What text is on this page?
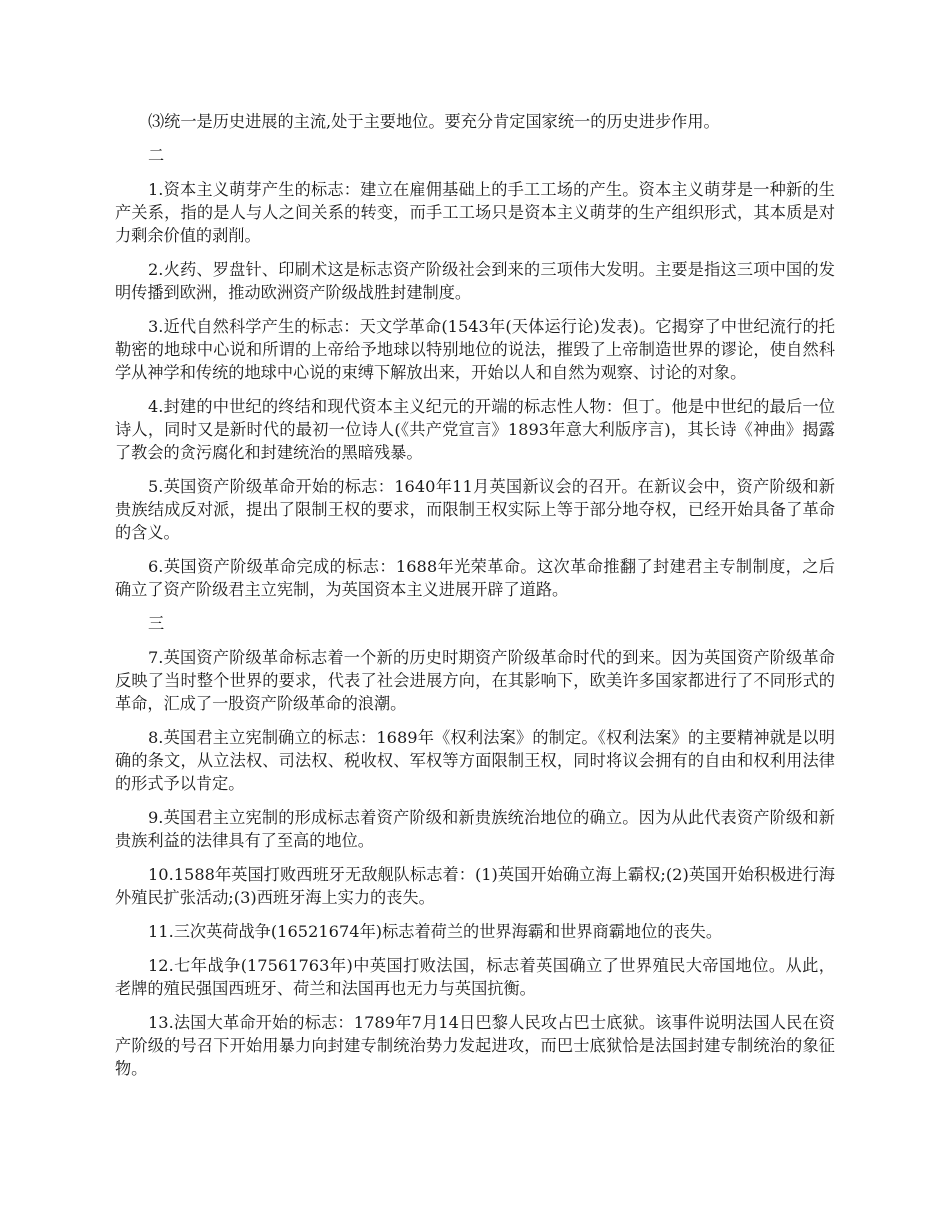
⑶统一是历史进展的主流,处于主要地位。要充分肯定国家统一的历史进步作用。

二

1.资本主义萌芽产生的标志：建立在雇佣基础上的手工工场的产生。资本主义萌芽是一种新的生产关系，指的是人与人之间关系的转变，而手工工场只是资本主义萌芽的生产组织形式，其本质是对力剩余价值的剥削。

2.火药、罗盘针、印刷术这是标志资产阶级社会到来的三项伟大发明。主要是指这三项中国的发明传播到欧洲，推动欧洲资产阶级战胜封建制度。

3.近代自然科学产生的标志：天文学革命(1543年(天体运行论)发表)。它揭穿了中世纪流行的托勒密的地球中心说和所谓的上帝给予地球以特别地位的说法，摧毁了上帝制造世界的谬论，使自然科学从神学和传统的地球中心说的束缚下解放出来，开始以人和自然为观察、讨论的对象。

4.封建的中世纪的终结和现代资本主义纪元的开端的标志性人物：但丁。他是中世纪的最后一位诗人，同时又是新时代的最初一位诗人(《共产党宣言》1893年意大利版序言)，其长诗《神曲》揭露了教会的贪污腐化和封建统治的黑暗残暴。

5.英国资产阶级革命开始的标志：1640年11月英国新议会的召开。在新议会中，资产阶级和新贵族结成反对派，提出了限制王权的要求，而限制王权实际上等于部分地夺权，已经开始具备了革命的含义。

6.英国资产阶级革命完成的标志：1688年光荣革命。这次革命推翻了封建君主专制制度，之后确立了资产阶级君主立宪制，为英国资本主义进展开辟了道路。

三

7.英国资产阶级革命标志着一个新的历史时期资产阶级革命时代的到来。因为英国资产阶级革命反映了当时整个世界的要求，代表了社会进展方向，在其影响下，欧美许多国家都进行了不同形式的革命，汇成了一股资产阶级革命的浪潮。

8.英国君主立宪制确立的标志：1689年《权利法案》的制定。《权利法案》的主要精神就是以明确的条文，从立法权、司法权、税收权、军权等方面限制王权，同时将议会拥有的自由和权利用法律的形式予以肯定。

9.英国君主立宪制的形成标志着资产阶级和新贵族统治地位的确立。因为从此代表资产阶级和新贵族利益的法律具有了至高的地位。

10.1588年英国打败西班牙无敌舰队标志着：(1)英国开始确立海上霸权;(2)英国开始积极进行海外殖民扩张活动;(3)西班牙海上实力的丧失。

11.三次英荷战争(16521674年)标志着荷兰的世界海霸和世界商霸地位的丧失。

12.七年战争(17561763年)中英国打败法国，标志着英国确立了世界殖民大帝国地位。从此，老牌的殖民强国西班牙、荷兰和法国再也无力与英国抗衡。

13.法国大革命开始的标志：1789年7月14日巴黎人民攻占巴士底狱。该事件说明法国人民在资产阶级的号召下开始用暴力向封建专制统治势力发起进攻，而巴士底狱恰是法国封建专制统治的象征物。
